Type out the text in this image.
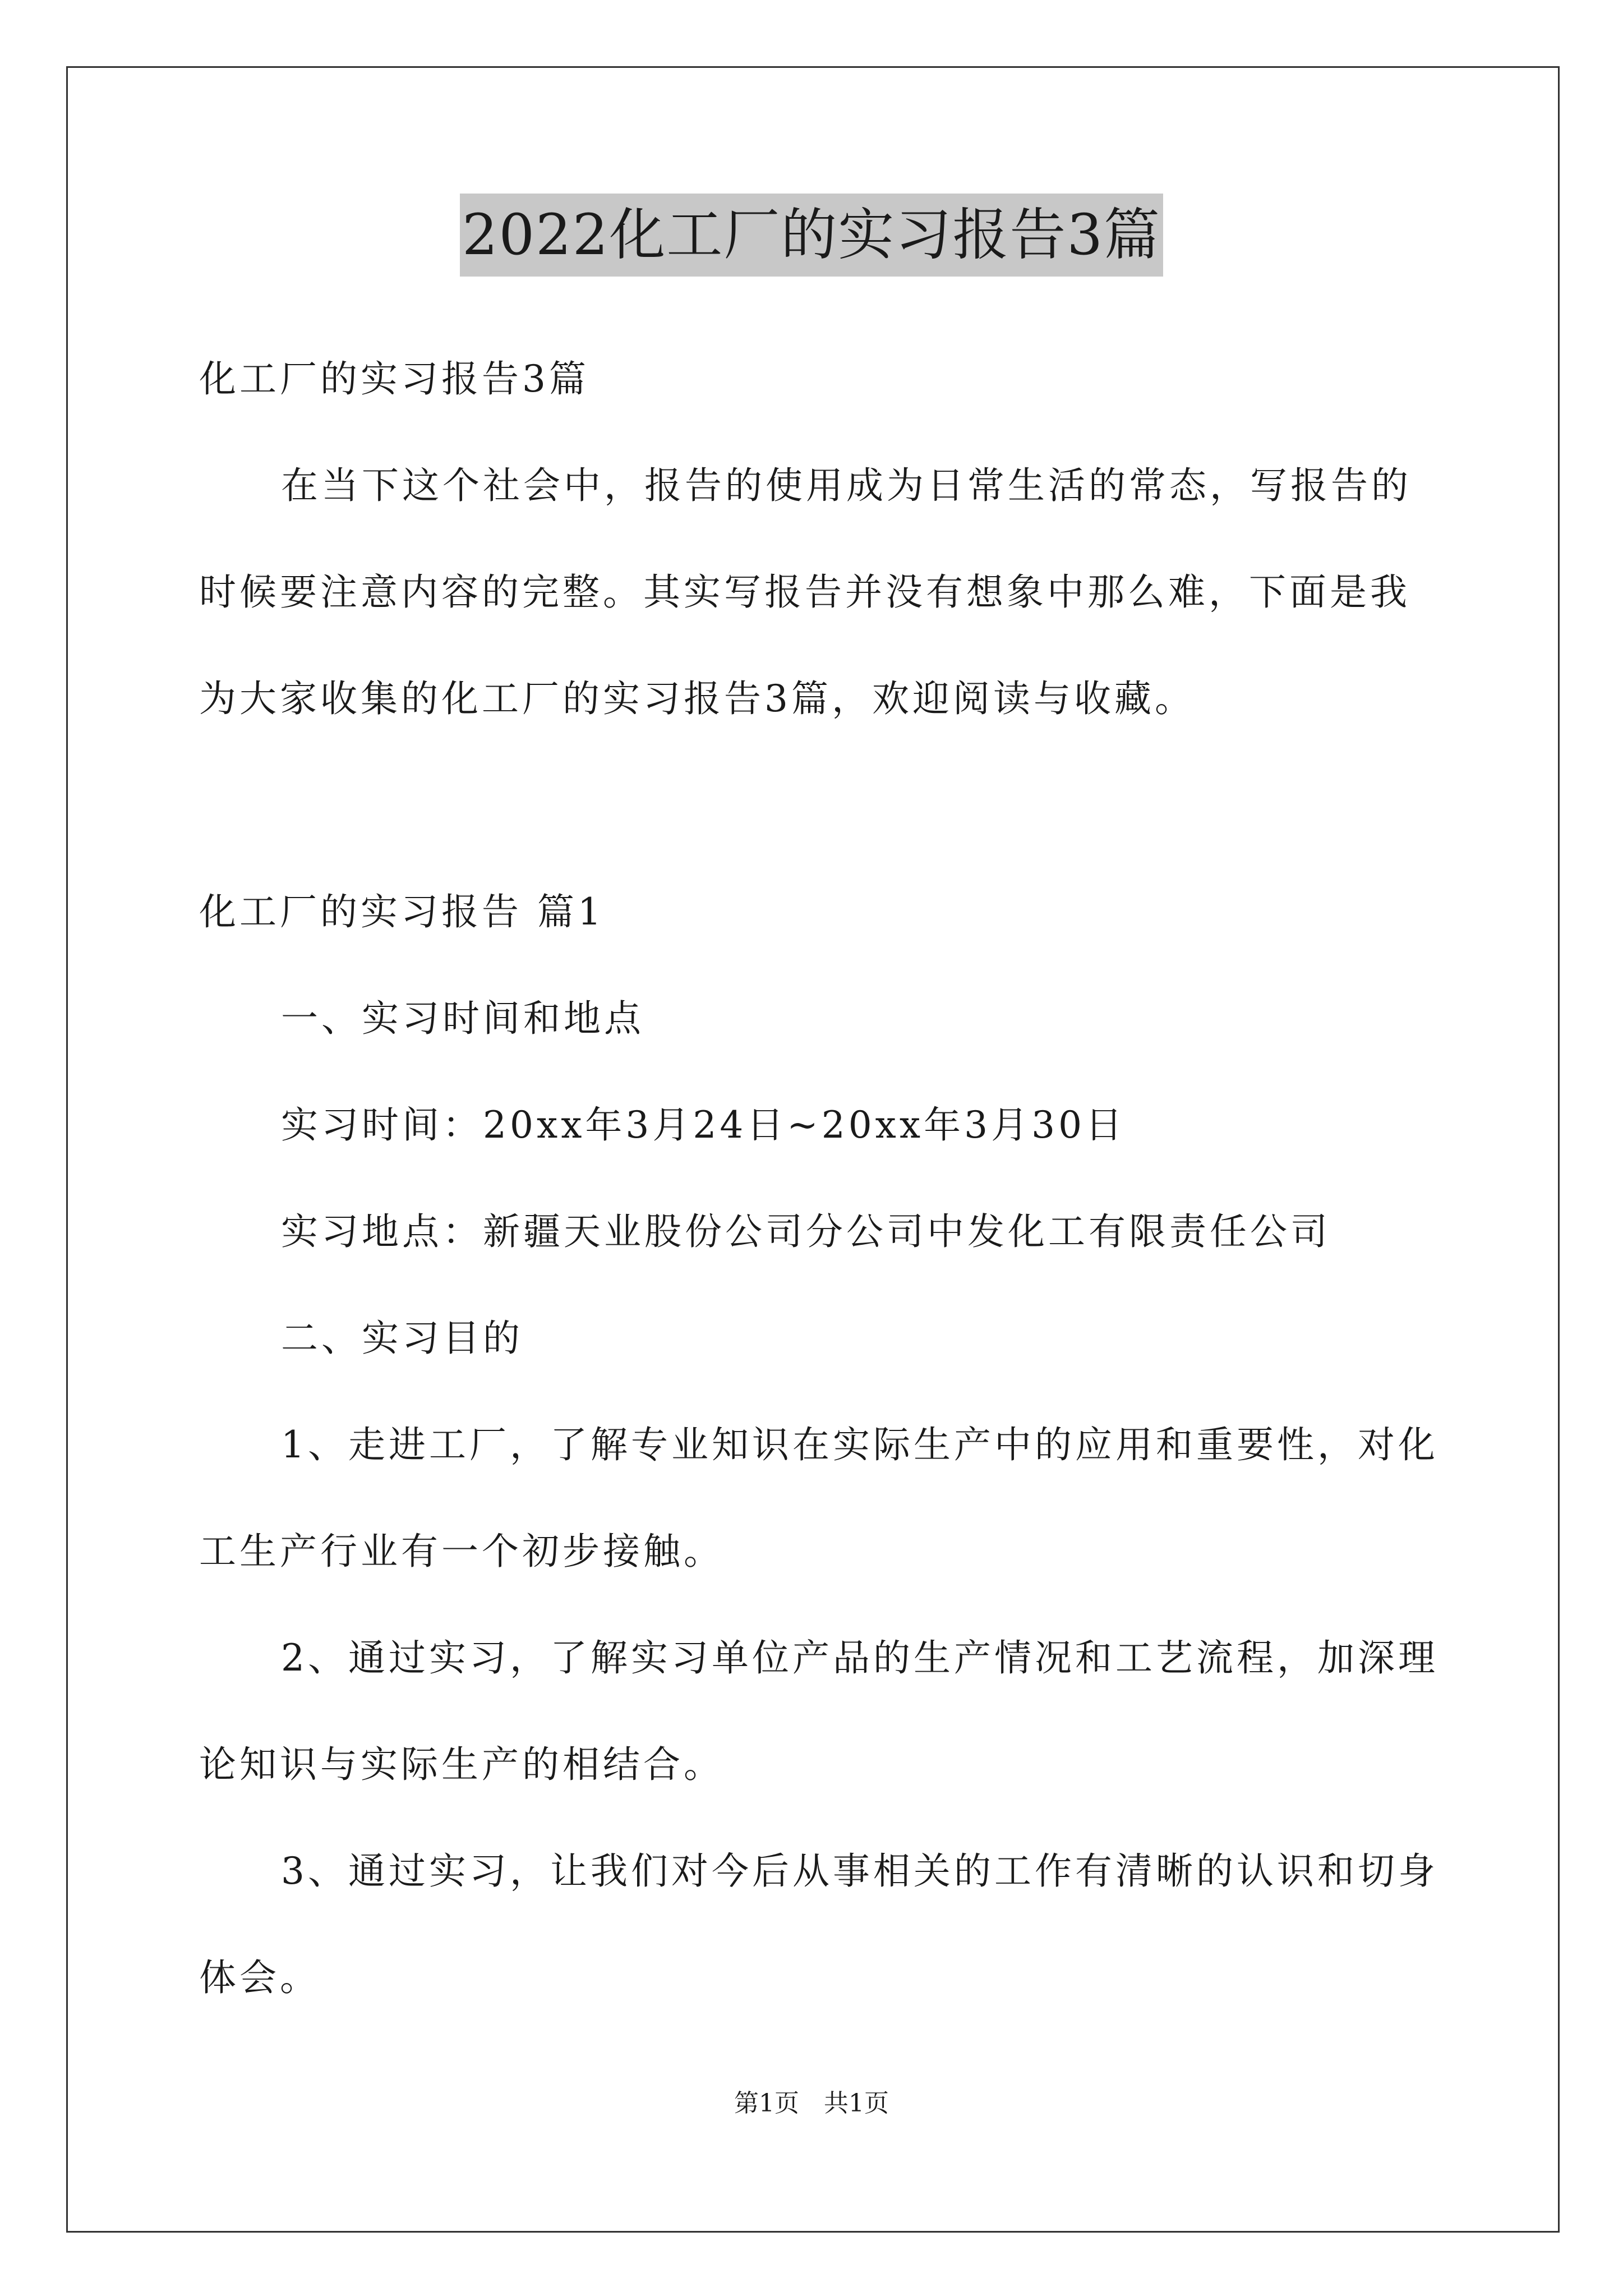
2022化工厂的实习报告3篇
化工厂的实习报告3篇
在当下这个社会中，报告的使用成为日常生活的常态，写报告的
时候要注意内容的完整。其实写报告并没有想象中那么难，下面是我
为大家收集的化工厂的实习报告3篇，欢迎阅读与收藏。
化工厂的实习报告 篇1
一、实习时间和地点
实习时间：20xx年3月24日~20xx年3月30日
实习地点：新疆天业股份公司分公司中发化工有限责任公司
二、实习目的
1、走进工厂，了解专业知识在实际生产中的应用和重要性，对化
工生产行业有一个初步接触。
2、通过实习，了解实习单位产品的生产情况和工艺流程，加深理
论知识与实际生产的相结合。
3、通过实习，让我们对今后从事相关的工作有清晰的认识和切身
体会。
第1页　共1页
